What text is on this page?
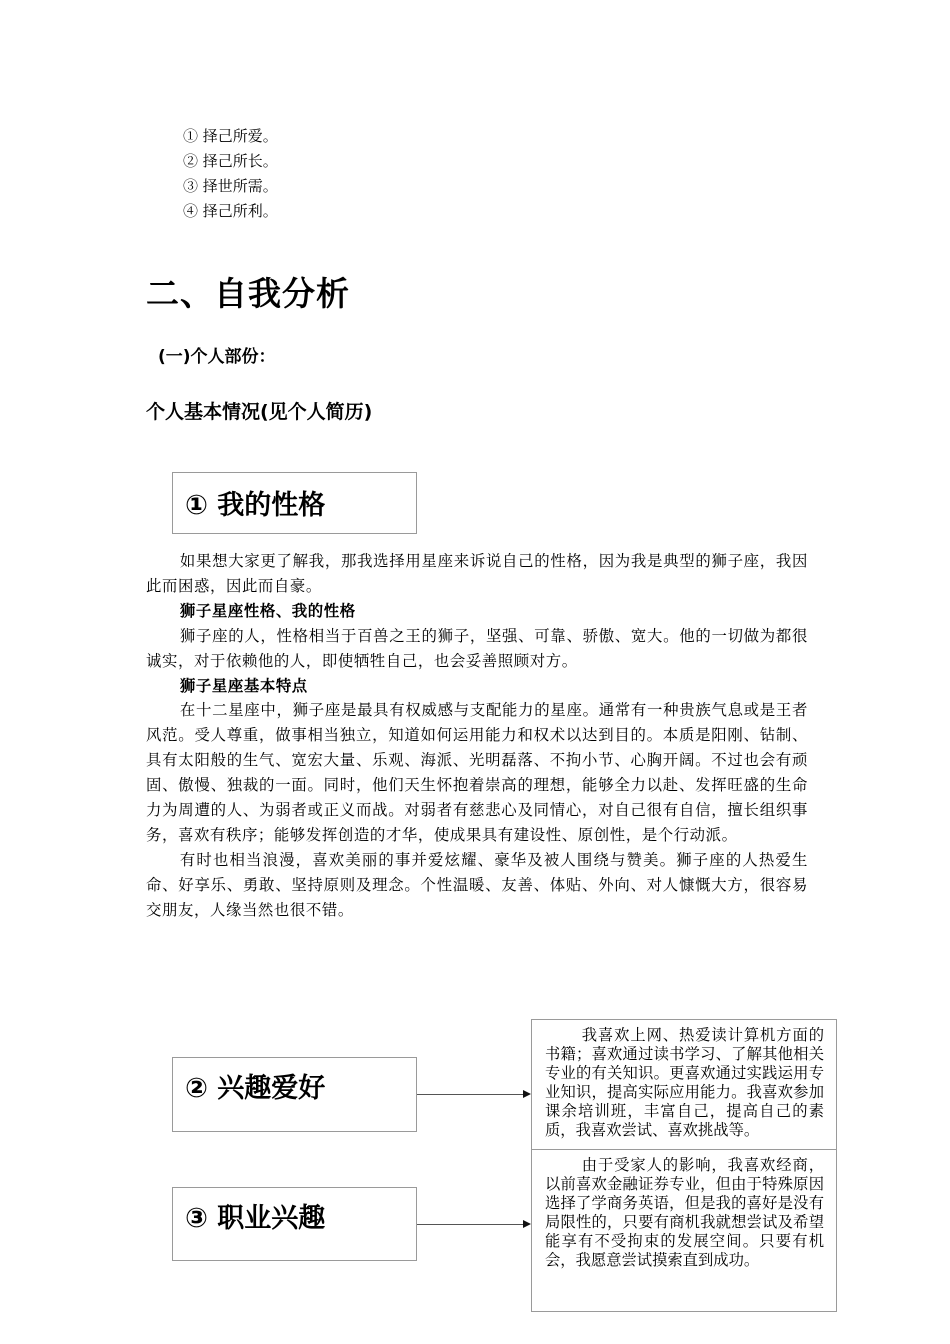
① 择己所爱。
② 择己所长。
③ 择世所需。
④ 择己所利。
二、自我分析
(一)个人部份：
个人基本情况(见个人简历)
① 我的性格

如果想大家更了解我，那我选择用星座来诉说自己的性格，因为我是典型的狮子座，我因此而困惑，因此而自豪。

狮子星座性格、我的性格

狮子座的人，性格相当于百兽之王的狮子，坚强、可靠、骄傲、宽大。他的一切做为都很诚实，对于依赖他的人，即使牺牲自己，也会妥善照顾对方。

狮子星座基本特点

在十二星座中，狮子座是最具有权威感与支配能力的星座。通常有一种贵族气息或是王者风范。受人尊重，做事相当独立，知道如何运用能力和权术以达到目的。本质是阳刚、钻制、具有太阳般的生气、宽宏大量、乐观、海派、光明磊落、不拘小节、心胸开阔。不过也会有顽固、傲慢、独裁的一面。同时，他们天生怀抱着崇高的理想，能够全力以赴、发挥旺盛的生命力为周遭的人、为弱者或正义而战。对弱者有慈悲心及同情心，对自己很有自信，擅长组织事务，喜欢有秩序；能够发挥创造的才华，使成果具有建设性、原创性，是个行动派。

有时也相当浪漫，喜欢美丽的事并爱炫耀、豪华及被人围绕与赞美。狮子座的人热爱生命、好享乐、勇敢、坚持原则及理念。个性温暖、友善、体贴、外向、对人慷慨大方，很容易交朋友，人缘当然也很不错。

② 兴趣爱好

我喜欢上网、热爱读计算机方面的书籍；喜欢通过读书学习、了解其他相关专业的有关知识。更喜欢通过实践运用专业知识，提高实际应用能力。我喜欢参加课余培训班，丰富自己，提高自己的素质，我喜欢尝试、喜欢挑战等。

③ 职业兴趣

由于受家人的影响，我喜欢经商，以前喜欢金融证券专业，但由于特殊原因选择了学商务英语，但是我的喜好是没有局限性的，只要有商机我就想尝试及希望能享有不受拘束的发展空间。只要有机会，我愿意尝试摸索直到成功。
